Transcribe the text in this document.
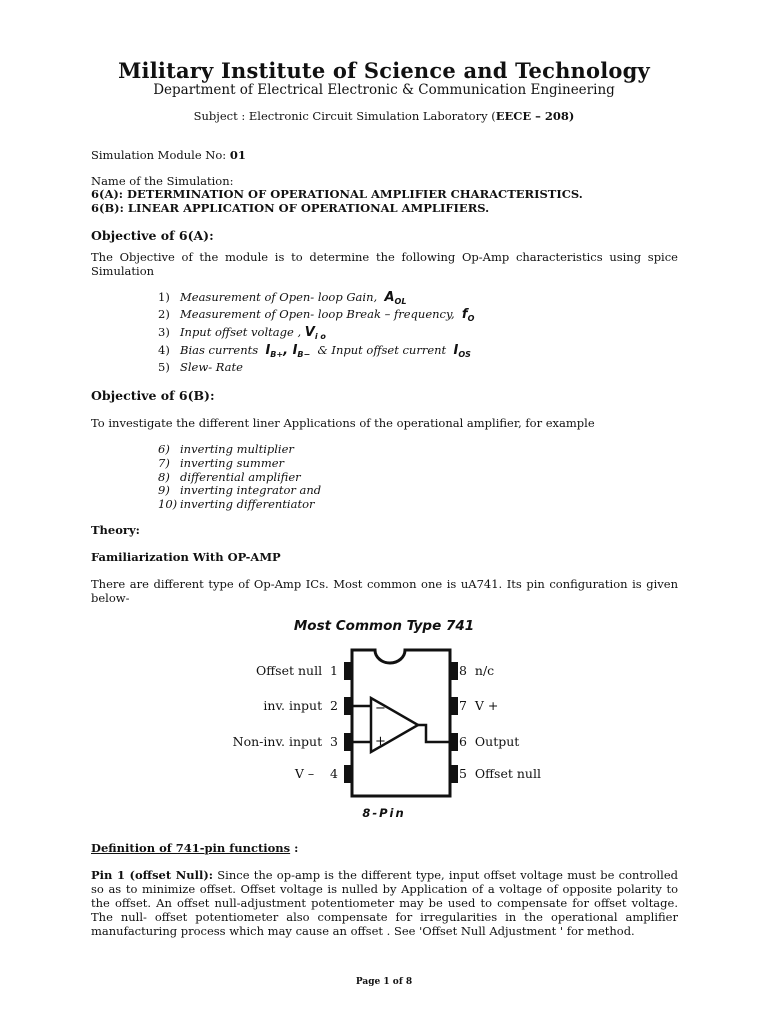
Military Institute of Science and Technology
Department of Electrical Electronic & Communication Engineering
Subject : Electronic Circuit Simulation Laboratory (EECE – 208)
Simulation Module No: 01
Name of the Simulation:
6(A): DETERMINATION OF OPERATIONAL AMPLIFIER CHARACTERISTICS.
6(B): LINEAR APPLICATION OF OPERATIONAL AMPLIFIERS.
Objective of 6(A):
The Objective of the module is to determine the following Op-Amp characteristics using spice Simulation
1) Measurement of Open- loop Gain, $A_{OL}$
2) Measurement of Open- loop Break – frequency, $f_O$
3) Input offset voltage , $V_{i o}$
4) Bias currents $I_{B+}$, $I_{B-}$ & Input offset current $I_{OS}$
5) Slew- Rate
Objective of 6(B):
To investigate the different liner Applications of the operational amplifier, for example
6) inverting multiplier
7) inverting summer
8) differential amplifier
9) inverting integrator and
10) inverting differentiator
Theory:
Familiarization With OP-AMP
There are different type of Op-Amp ICs. Most common one is uA741. Its pin configuration is given below-
Most Common Type 741
−
+
Offset null 1
inv. input 2
Non-inv. input 3
V – 4
8 n/c
7 V +
6 Output
5 Offset null
8-Pin
Definition of 741-pin functions :
Pin 1 (offset Null): Since the op-amp is the different type, input offset voltage must be controlled so as to minimize offset. Offset voltage is nulled by Application of a voltage of opposite polarity to the offset. An offset null-adjustment potentiometer may be used to compensate for offset voltage. The null- offset potentiometer also compensate for irregularities in the operational amplifier manufacturing process which may cause an offset . See 'Offset Null Adjustment ' for method.
Page 1 of 8
